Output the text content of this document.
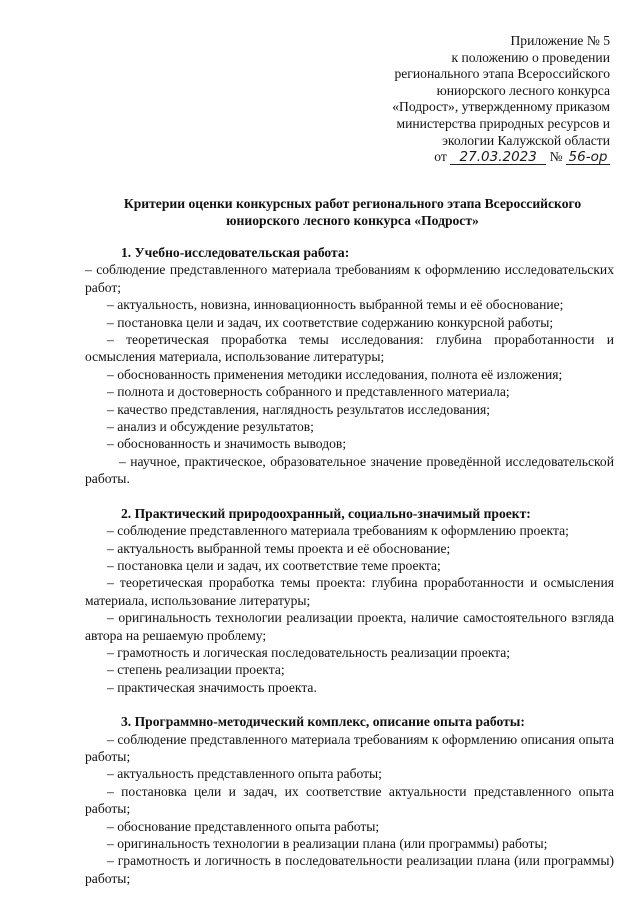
Приложение № 5
к положению о проведении
регионального этапа Всероссийского
юниорского лесного конкурса
«Подрост», утвержденному приказом
министерства природных ресурсов и
экологии Калужской области
от 27.03.2023 № 56-ор
Критерии оценки конкурсных работ регионального этапа Всероссийского
юниорского лесного конкурса «Подрост»
1. Учебно-исследовательская работа:
– соблюдение представленного материала требованиям к оформлению исследовательских работ;
– актуальность, новизна, инновационность выбранной темы и её обоснование;
– постановка цели и задач, их соответствие содержанию конкурсной работы;
– теоретическая проработка темы исследования: глубина проработанности и осмысления материала, использование литературы;
– обоснованность применения методики исследования, полнота её изложения;
– полнота и достоверность собранного и представленного материала;
– качество представления, наглядность результатов исследования;
– анализ и обсуждение результатов;
– обоснованность и значимость выводов;
– научное, практическое, образовательное значение проведённой исследовательской работы.
2. Практический природоохранный, социально-значимый проект:
– соблюдение представленного материала требованиям к оформлению проекта;
– актуальность выбранной темы проекта и её обоснование;
– постановка цели и задач, их соответствие теме проекта;
– теоретическая проработка темы проекта: глубина проработанности и осмысления материала, использование литературы;
– оригинальность технологии реализации проекта, наличие самостоятельного взгляда автора на решаемую проблему;
– грамотность и логическая последовательность реализации проекта;
– степень реализации проекта;
– практическая значимость проекта.
3. Программно-методический комплекс, описание опыта работы:
– соблюдение представленного материала требованиям к оформлению описания опыта работы;
– актуальность представленного опыта работы;
– постановка цели и задач, их соответствие актуальности представленного опыта работы;
– обоснование представленного опыта работы;
– оригинальность технологии в реализации плана (или программы) работы;
– грамотность и логичность в последовательности реализации плана (или программы) работы;
